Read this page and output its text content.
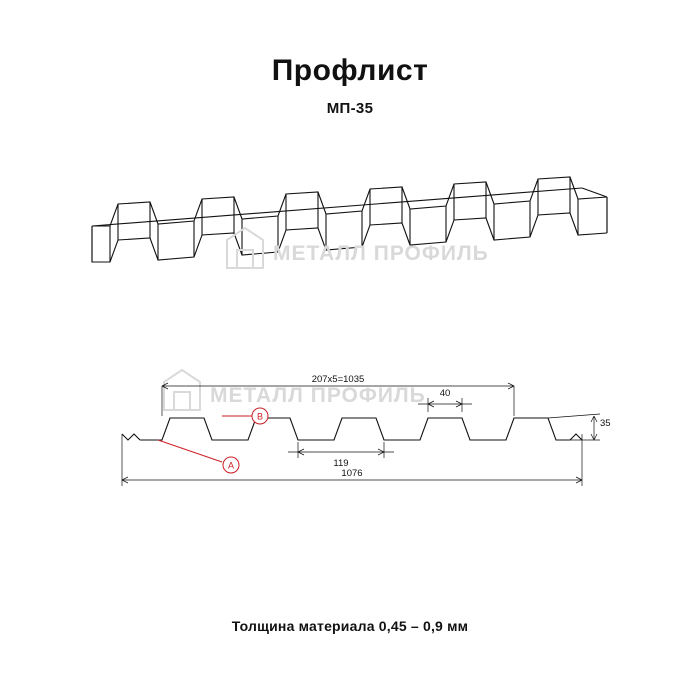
Профлист
МП-35
МЕТАЛЛ ПРОФИЛЬ
МЕТАЛЛ ПРОФИЛЬ
207x5=1035
40
119
35
1076
B
A
Толщина материала 0,45 – 0,9 мм
